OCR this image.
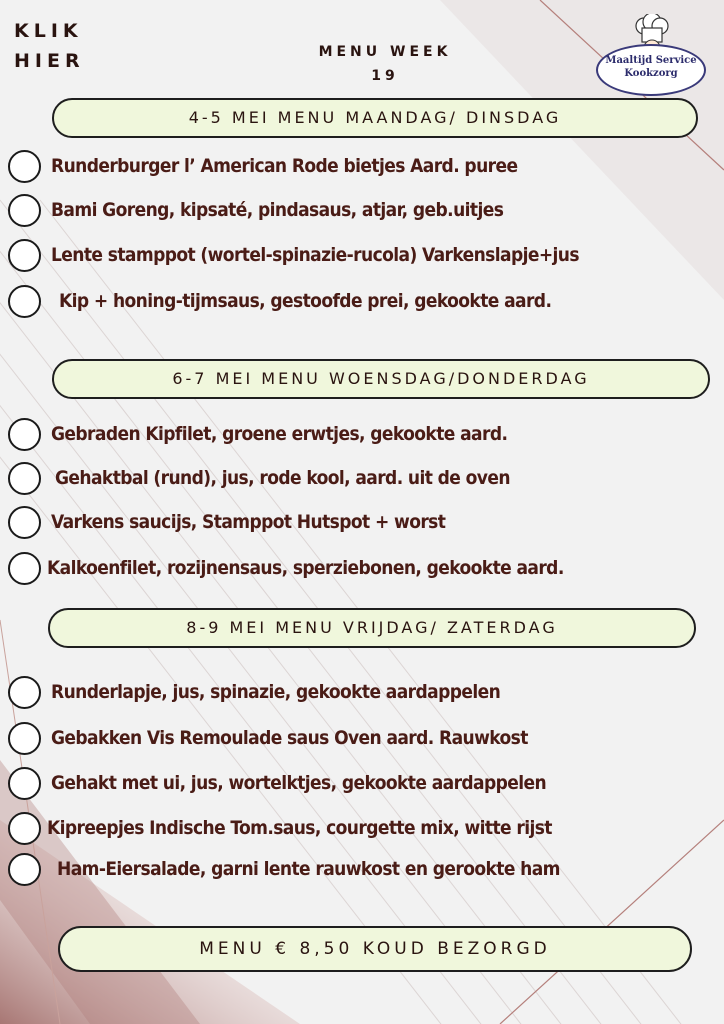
KLIK
HIER	MENU WEEK
19
Maaltijd Service
Kookzorg
4-5 MEI MENU MAANDAG/ DINSDAG
Runderburger l’ American Rode bietjes Aard. puree
Bami Goreng, kipsaté, pindasaus, atjar, geb.uitjes
Lente stamppot (wortel-spinazie-rucola) Varkenslapje+jus
Kip + honing-tijmsaus, gestoofde prei, gekookte aard.
6-7 MEI MENU WOENSDAG/DONDERDAG
Gebraden Kipfilet, groene erwtjes, gekookte aard.
Gehaktbal (rund), jus, rode kool, aard. uit de oven
Varkens saucijs, Stamppot Hutspot + worst
Kalkoenfilet, rozijnensaus, sperziebonen, gekookte aard.
8-9 MEI MENU VRIJDAG/ ZATERDAG
Runderlapje, jus, spinazie, gekookte aardappelen
Gebakken Vis Remoulade saus Oven aard. Rauwkost
Gehakt met ui, jus, wortelktjes, gekookte aardappelen
Kipreepjes Indische Tom.saus, courgette mix, witte rijst
Ham-Eiersalade, garni lente rauwkost en gerookte ham
MENU € 8,50 KOUD BEZORGD
